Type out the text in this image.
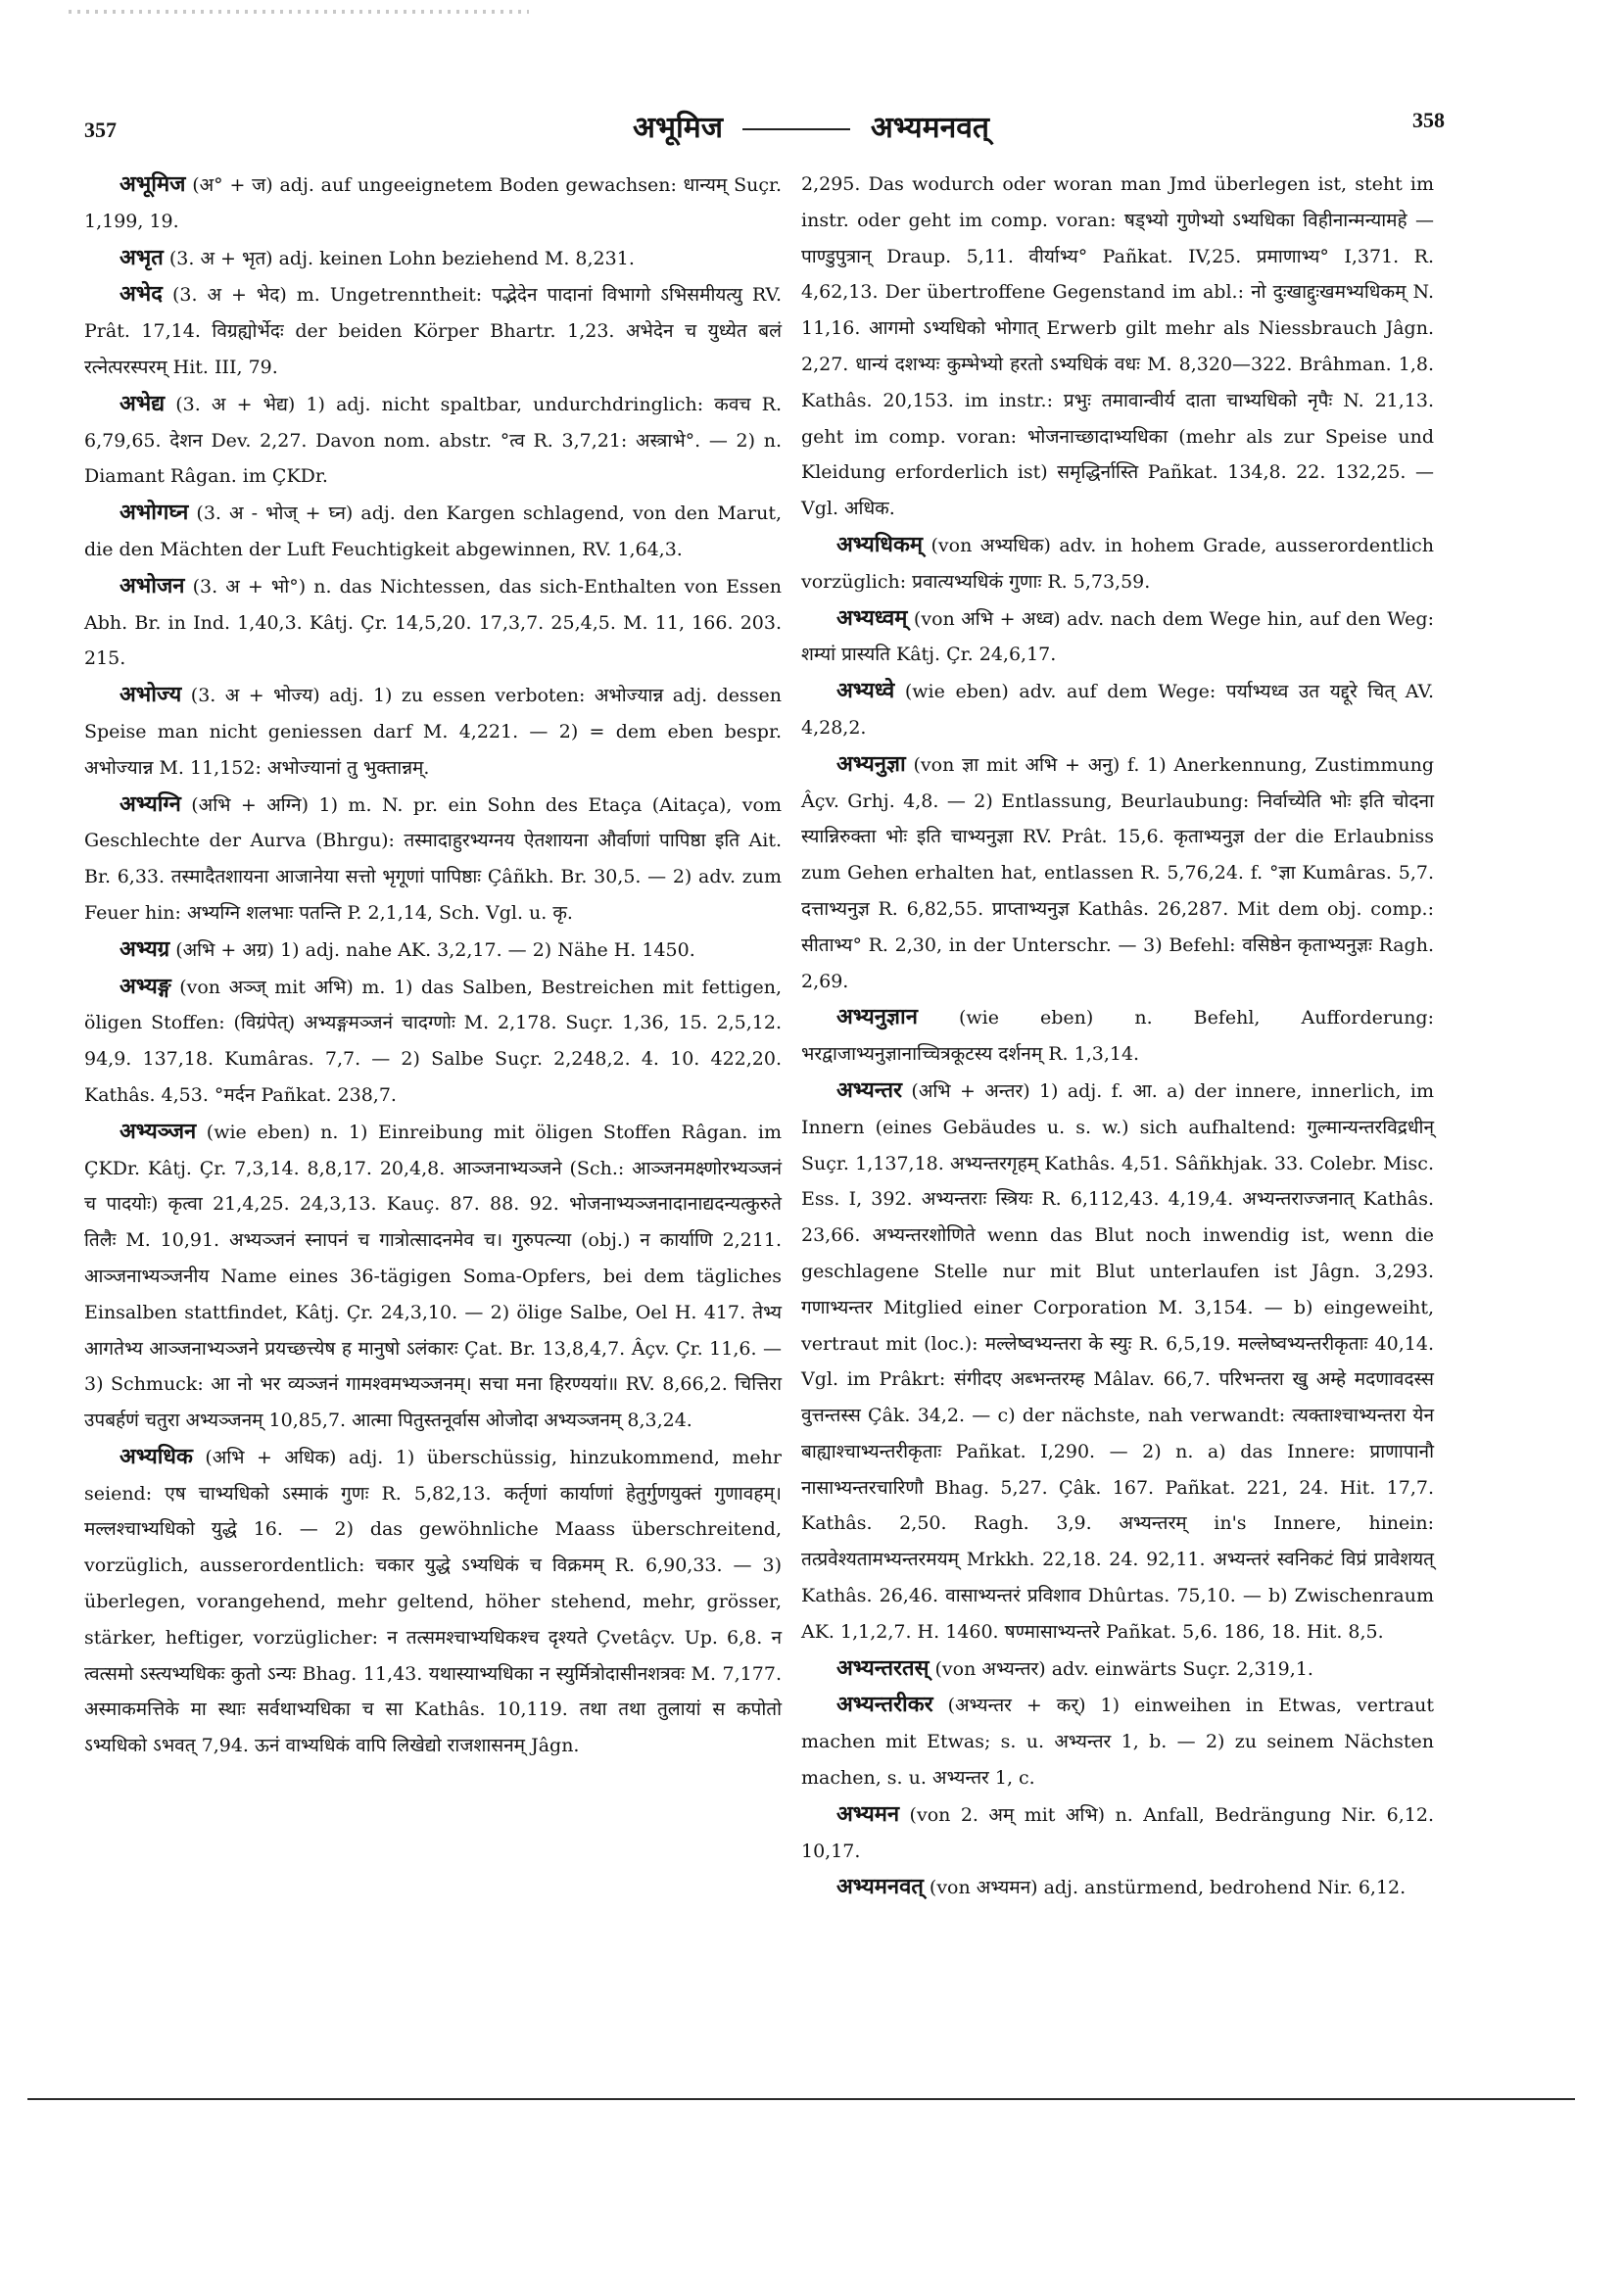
357	अभूमिज	अभ्यमनवत्	358

अभूमिज (अ° + ज) adj. auf ungeeignetem Boden gewachsen: धान्यम् Suçr. 1,199, 19.

अभृत (3. अ + भृत) adj. keinen Lohn beziehend M. 8,231.

अभेद (3. अ + भेद) m. Ungetrenntheit: पद्भेदेन पादानां विभागो ऽभिसमीयत्यु RV. Prât. 17,14. विग्रह्योर्भेदः der beiden Körper Bhartr. 1,23. अभेदेन च युध्येत बलं रत्नेत्परस्परम् Hit. III, 79.

अभेद्य (3. अ + भेद्य) 1) adj. nicht spaltbar, undurchdringlich: कवच R. 6,79,65. देशन Dev. 2,27. Davon nom. abstr. °त्व R. 3,7,21: अस्त्राभे°. — 2) n. Diamant Râgan. im ÇKDr.

अभोगघ्न (3. अ - भोज् + घ्न) adj. den Kargen schlagend, von den Marut, die den Mächten der Luft Feuchtigkeit abgewinnen, RV. 1,64,3.

अभोजन (3. अ + भो°) n. das Nichtessen, das sich-Enthalten von Essen Abh. Br. in Ind. 1,40,3. Kâtj. Çr. 14,5,20. 17,3,7. 25,4,5. M. 11, 166. 203. 215.

अभोज्य (3. अ + भोज्य) adj. 1) zu essen verboten: अभोज्यान्न adj. dessen Speise man nicht geniessen darf M. 4,221. — 2) = dem eben bespr. अभोज्यान्न M. 11,152: अभोज्यानां तु भुक्तान्नम्.

अभ्यग्नि (अभि + अग्नि) 1) m. N. pr. ein Sohn des Etaça (Aitaça), vom Geschlechte der Aurva (Bhrgu): तस्मादाहुरभ्यग्नय ऐतशायना और्वाणां पापिष्ठा इति Ait. Br. 6,33. तस्मादैतशायना आजानेया सत्तो भृगूणां पापिष्ठाः Çâñkh. Br. 30,5. — 2) adv. zum Feuer hin: अभ्यग्नि शलभाः पतन्ति P. 2,1,14, Sch. Vgl. u. कृ.

अभ्यग्र (अभि + अग्र) 1) adj. nahe AK. 3,2,17. — 2) Nähe H. 1450.

अभ्यङ्ग (von अञ्ज् mit अभि) m. 1) das Salben, Bestreichen mit fettigen, öligen Stoffen: (विग्रंपेत्) अभ्यङ्गमञ्जनं चादग्णोः M. 2,178. Suçr. 1,36, 15. 2,5,12. 94,9. 137,18. Kumâras. 7,7. — 2) Salbe Suçr. 2,248,2. 4. 10. 422,20. Kathâs. 4,53. °मर्दन Pañkat. 238,7.

अभ्यञ्जन (wie eben) n. 1) Einreibung mit öligen Stoffen Râgan. im ÇKDr. Kâtj. Çr. 7,3,14. 8,8,17. 20,4,8. आञ्जनाभ्यञ्जने (Sch.: आञ्जनमक्ष्णोरभ्यञ्जनं च पादयोः) कृत्वा 21,4,25. 24,3,13. Kauç. 87. 88. 92. भोजनाभ्यञ्जनादानाद्यदन्यत्कुरुते तिलैः M. 10,91. अभ्यञ्जनं स्नापनं च गात्रोत्सादनमेव च। गुरुपत्न्या (obj.) न कार्याणि 2,211. आञ्जनाभ्यञ्जनीय Name eines 36-tägigen Soma-Opfers, bei dem tägliches Einsalben stattfindet, Kâtj. Çr. 24,3,10. — 2) ölige Salbe, Oel H. 417. तेभ्य आगतेभ्य आञ्जनाभ्यञ्जने प्रयच्छत्त्येष ह मानुषो ऽलंकारः Çat. Br. 13,8,4,7. Âçv. Çr. 11,6. — 3) Schmuck: आ नो भर व्यञ्जनं गामश्वमभ्यञ्जनम्। सचा मना हिरण्ययां॥ RV. 8,66,2. चित्तिरा उपबर्हणं चतुरा अभ्यञ्जनम् 10,85,7. आत्मा पितुस्तनूर्वास ओजोदा अभ्यञ्जनम् 8,3,24.

अभ्यधिक (अभि + अधिक) adj. 1) überschüssig, hinzukommend, mehr seiend: एष चाभ्यधिको ऽस्माकं गुणः R. 5,82,13. कर्तृणां कार्याणां हेतुर्गुणयुक्तं गुणावहम्। मल्लश्चाभ्यधिको युद्धे 16. — 2) das gewöhnliche Maass überschreitend, vorzüglich, ausserordentlich: चकार युद्धे ऽभ्यधिकं च विक्रमम् R. 6,90,33. — 3) überlegen, vorangehend, mehr geltend, höher stehend, mehr, grösser, stärker, heftiger, vorzüglicher: न तत्समश्चाभ्यधिकश्च दृश्यते Çvetâçv. Up. 6,8. न त्वत्समो ऽस्त्यभ्यधिकः कुतो ऽन्यः Bhag. 11,43. यथास्याभ्यधिका न स्युर्मित्रोदासीनशत्रवः M. 7,177. अस्माकमत्तिके मा स्थाः सर्वथाभ्यधिका च सा Kathâs. 10,119. तथा तथा तुलायां स कपोतो ऽभ्यधिको ऽभवत् 7,94. ऊनं वाभ्यधिकं वापि लिखेद्यो राजशासनम् Jâgn.

2,295. Das wodurch oder woran man Jmd überlegen ist, steht im instr. oder geht im comp. voran: षड्भ्यो गुणेभ्यो ऽभ्यधिका विहीनान्मन्यामहे — पाण्डुपुत्रान् Draup. 5,11. वीर्याभ्य° Pañkat. IV,25. प्रमाणाभ्य° I,371. R. 4,62,13. Der übertroffene Gegenstand im abl.: नो दुःखाद्दुःखमभ्यधिकम् N. 11,16. आगमो ऽभ्यधिको भोगात् Erwerb gilt mehr als Niessbrauch Jâgn. 2,27. धान्यं दशभ्यः कुम्भेभ्यो हरतो ऽभ्यधिकं वधः M. 8,320—322. Brâhman. 1,8. Kathâs. 20,153. im instr.: प्रभुः तमावान्वीर्य दाता चाभ्यधिको नृपैः N. 21,13. geht im comp. voran: भोजनाच्छादाभ्यधिका (mehr als zur Speise und Kleidung erforderlich ist) समृद्धिर्नास्ति Pañkat. 134,8. 22. 132,25. — Vgl. अधिक.

अभ्यधिकम् (von अभ्यधिक) adv. in hohem Grade, ausserordentlich vorzüglich: प्रवात्यभ्यधिकं गुणाः R. 5,73,59.

अभ्यध्वम् (von अभि + अध्व) adv. nach dem Wege hin, auf den Weg: शम्यां प्रास्यति Kâtj. Çr. 24,6,17.

अभ्यध्वे (wie eben) adv. auf dem Wege: पर्याभ्यध्व उत यद्दूरे चित् AV. 4,28,2.

अभ्यनुज्ञा (von ज्ञा mit अभि + अनु) f. 1) Anerkennung, Zustimmung Âçv. Grhj. 4,8. — 2) Entlassung, Beurlaubung: निर्वाच्येति भोः इति चोदना स्यान्निरुक्ता भोः इति चाभ्यनुज्ञा RV. Prât. 15,6. कृताभ्यनुज्ञ der die Erlaubniss zum Gehen erhalten hat, entlassen R. 5,76,24. f. °ज्ञा Kumâras. 5,7. दत्ताभ्यनुज्ञ R. 6,82,55. प्राप्ताभ्यनुज्ञ Kathâs. 26,287. Mit dem obj. comp.: सीताभ्य° R. 2,30, in der Unterschr. — 3) Befehl: वसिष्ठेन कृताभ्यनुज्ञः Ragh. 2,69.

अभ्यनुज्ञान (wie eben) n. Befehl, Aufforderung: भरद्वाजाभ्यनुज्ञानाच्चित्रकूटस्य दर्शनम् R. 1,3,14.

अभ्यन्तर (अभि + अन्तर) 1) adj. f. आ. a) der innere, innerlich, im Innern (eines Gebäudes u. s. w.) sich aufhaltend: गुल्मान्यन्तरविद्रधीन् Suçr. 1,137,18. अभ्यन्तरगृहम् Kathâs. 4,51. Sâñkhjak. 33. Colebr. Misc. Ess. I, 392. अभ्यन्तराः स्त्रियः R. 6,112,43. 4,19,4. अभ्यन्तराज्जनात् Kathâs. 23,66. अभ्यन्तरशोणिते wenn das Blut noch inwendig ist, wenn die geschlagene Stelle nur mit Blut unterlaufen ist Jâgn. 3,293. गणाभ्यन्तर Mitglied einer Corporation M. 3,154. — b) eingeweiht, vertraut mit (loc.): मल्लेष्वभ्यन्तरा के स्युः R. 6,5,19. मल्लेष्वभ्यन्तरीकृताः 40,14. Vgl. im Prâkrt: संगीदए अब्भन्तरम्ह Mâlav. 66,7. परिभन्तरा खु अम्हे मदणावदस्स वुत्तन्तस्स Çâk. 34,2. — c) der nächste, nah verwandt: त्यक्ताश्चाभ्यन्तरा येन बाह्याश्चाभ्यन्तरीकृताः Pañkat. I,290. — 2) n. a) das Innere: प्राणापानौ नासाभ्यन्तरचारिणौ Bhag. 5,27. Çâk. 167. Pañkat. 221, 24. Hit. 17,7. Kathâs. 2,50. Ragh. 3,9. अभ्यन्तरम् in's Innere, hinein: तत्प्रवेश्यतामभ्यन्तरमयम् Mrkkh. 22,18. 24. 92,11. अभ्यन्तरं स्वनिकटं विप्रं प्रावेशयत् Kathâs. 26,46. वासाभ्यन्तरं प्रविशाव Dhûrtas. 75,10. — b) Zwischenraum AK. 1,1,2,7. H. 1460. षण्मासाभ्यन्तरे Pañkat. 5,6. 186, 18. Hit. 8,5.

अभ्यन्तरतस् (von अभ्यन्तर) adv. einwärts Suçr. 2,319,1.

अभ्यन्तरीकर (अभ्यन्तर + कर्) 1) einweihen in Etwas, vertraut machen mit Etwas; s. u. अभ्यन्तर 1, b. — 2) zu seinem Nächsten machen, s. u. अभ्यन्तर 1, c.

अभ्यमन (von 2. अम् mit अभि) n. Anfall, Bedrängung Nir. 6,12. 10,17.

अभ्यमनवत् (von अभ्यमन) adj. anstürmend, bedrohend Nir. 6,12.
